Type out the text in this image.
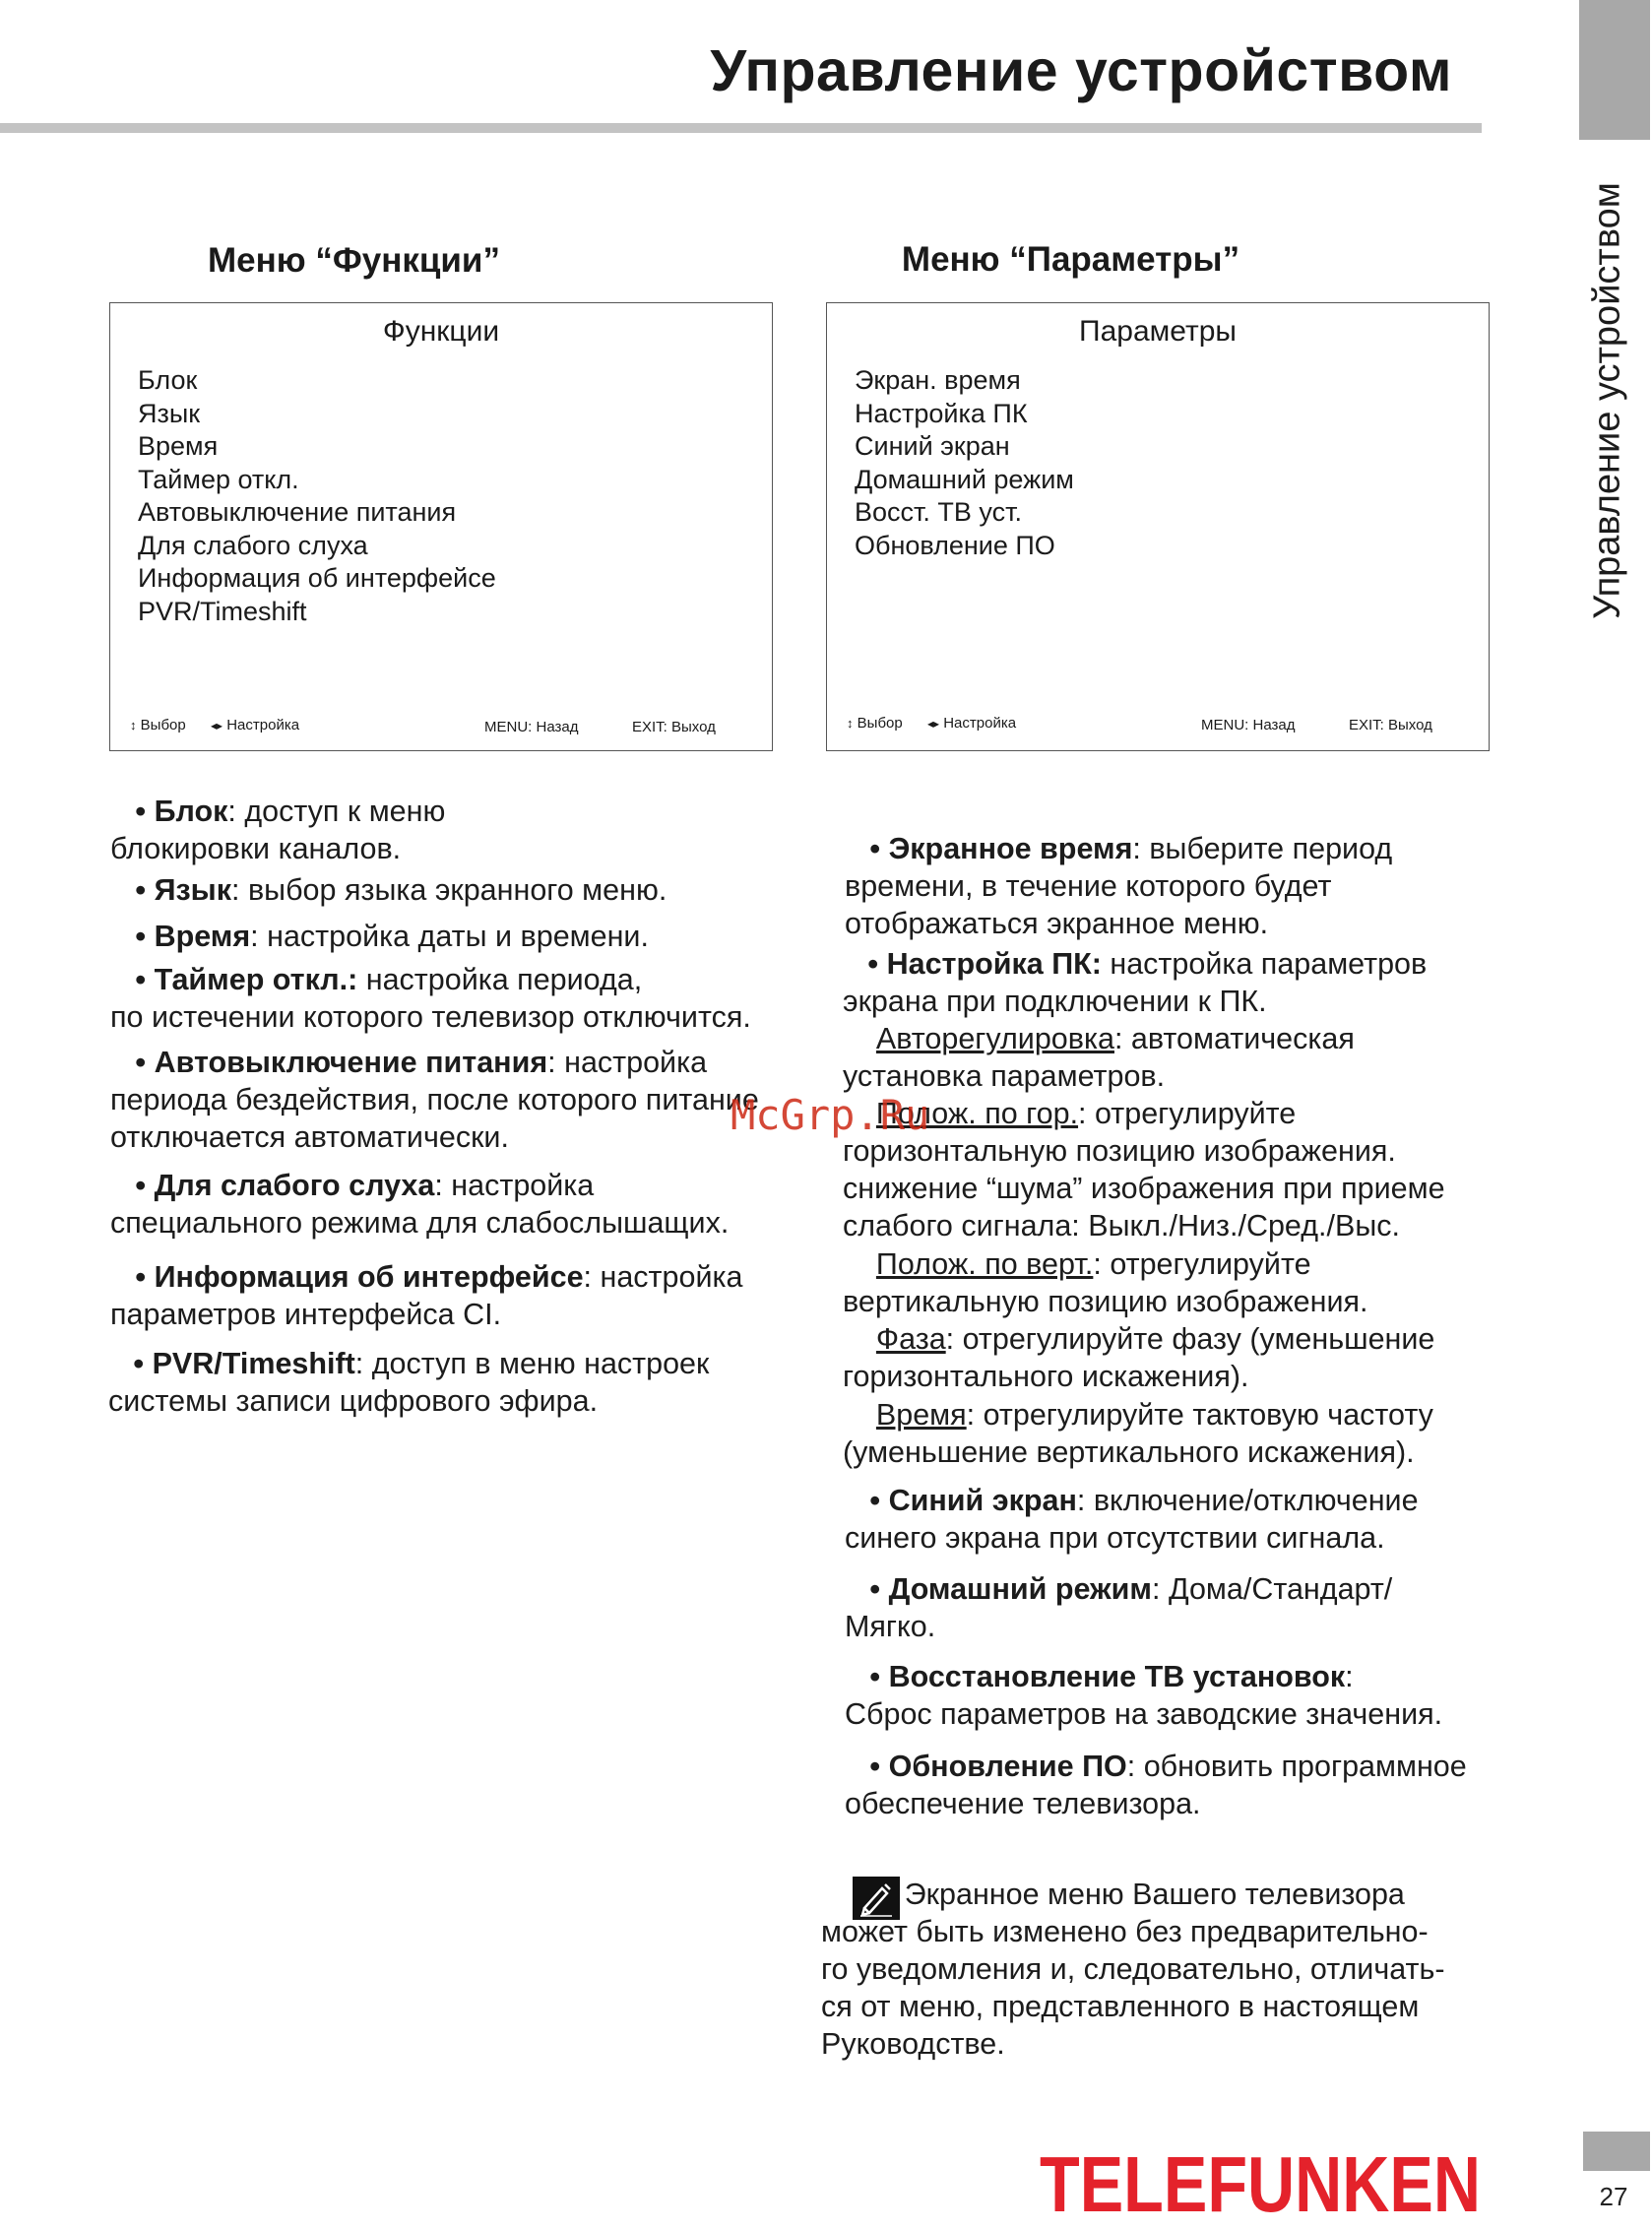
Управление устройством
Управление устройством
Меню “Функции”
Функции
Блок
Язык
Время
Таймер откл.
Автовыключение питания
Для слабого слуха
Информация об интерфейсе
PVR/Timeshift
↕ Выбор ◂▸ Настройка	MENU: Назад	EXIT: Выход
Меню “Параметры”
Параметры
Экран. время
Настройка ПК
Синий экран
Домашний режим
Восст. ТВ уст.
Обновление ПО
↕ Выбор ◂▸ Настройка	MENU: Назад	EXIT: Выход
• Блок: доступ к меню
блокировки каналов.
• Язык: выбор языка экранного меню.
• Время: настройка даты и времени.
• Таймер откл.: настройка периода,
по истечении которого телевизор отключится.
• Автовыключение питания: настройка
периода бездействия, после которого питание
отключается автоматически.
• Для слабого слуха: настройка
специального режима для слабослышащих.
• Информация об интерфейсе: настройка
параметров интерфейса CI.
• PVR/Timeshift: доступ в меню настроек
системы записи цифрового эфира.
• Экранное время: выберите период
времени, в течение которого будет
отображаться экранное меню.
• Настройка ПК: настройка параметров
экрана при подключении к ПК.
Авторегулировка: автоматическая
установка параметров.
Полож. по гор.: отрегулируйте
горизонтальную позицию изображения.
снижение “шума” изображения при приеме
слабого сигнала: Выкл./Низ./Сред./Выс.
Полож. по верт.: отрегулируйте
вертикальную позицию изображения.
Фаза: отрегулируйте фазу (уменьшение
горизонтального искажения).
Время: отрегулируйте тактовую частоту
(уменьшение вертикального искажения).
• Синий экран: включение/отключение
синего экрана при отсутствии сигнала.
• Домашний режим: Дома/Стандарт/
Мягко.
• Восстановление ТВ установок:
Сброс параметров на заводские значения.
• Обновление ПО: обновить программное
обеспечение телевизора.
Экранное меню Вашего телевизора
может быть изменено без предварительно-
го уведомления и, следовательно, отличать-
ся от меню, представленного в настоящем
Руководстве.
McGrp.Ru
TELEFUNKEN	27
